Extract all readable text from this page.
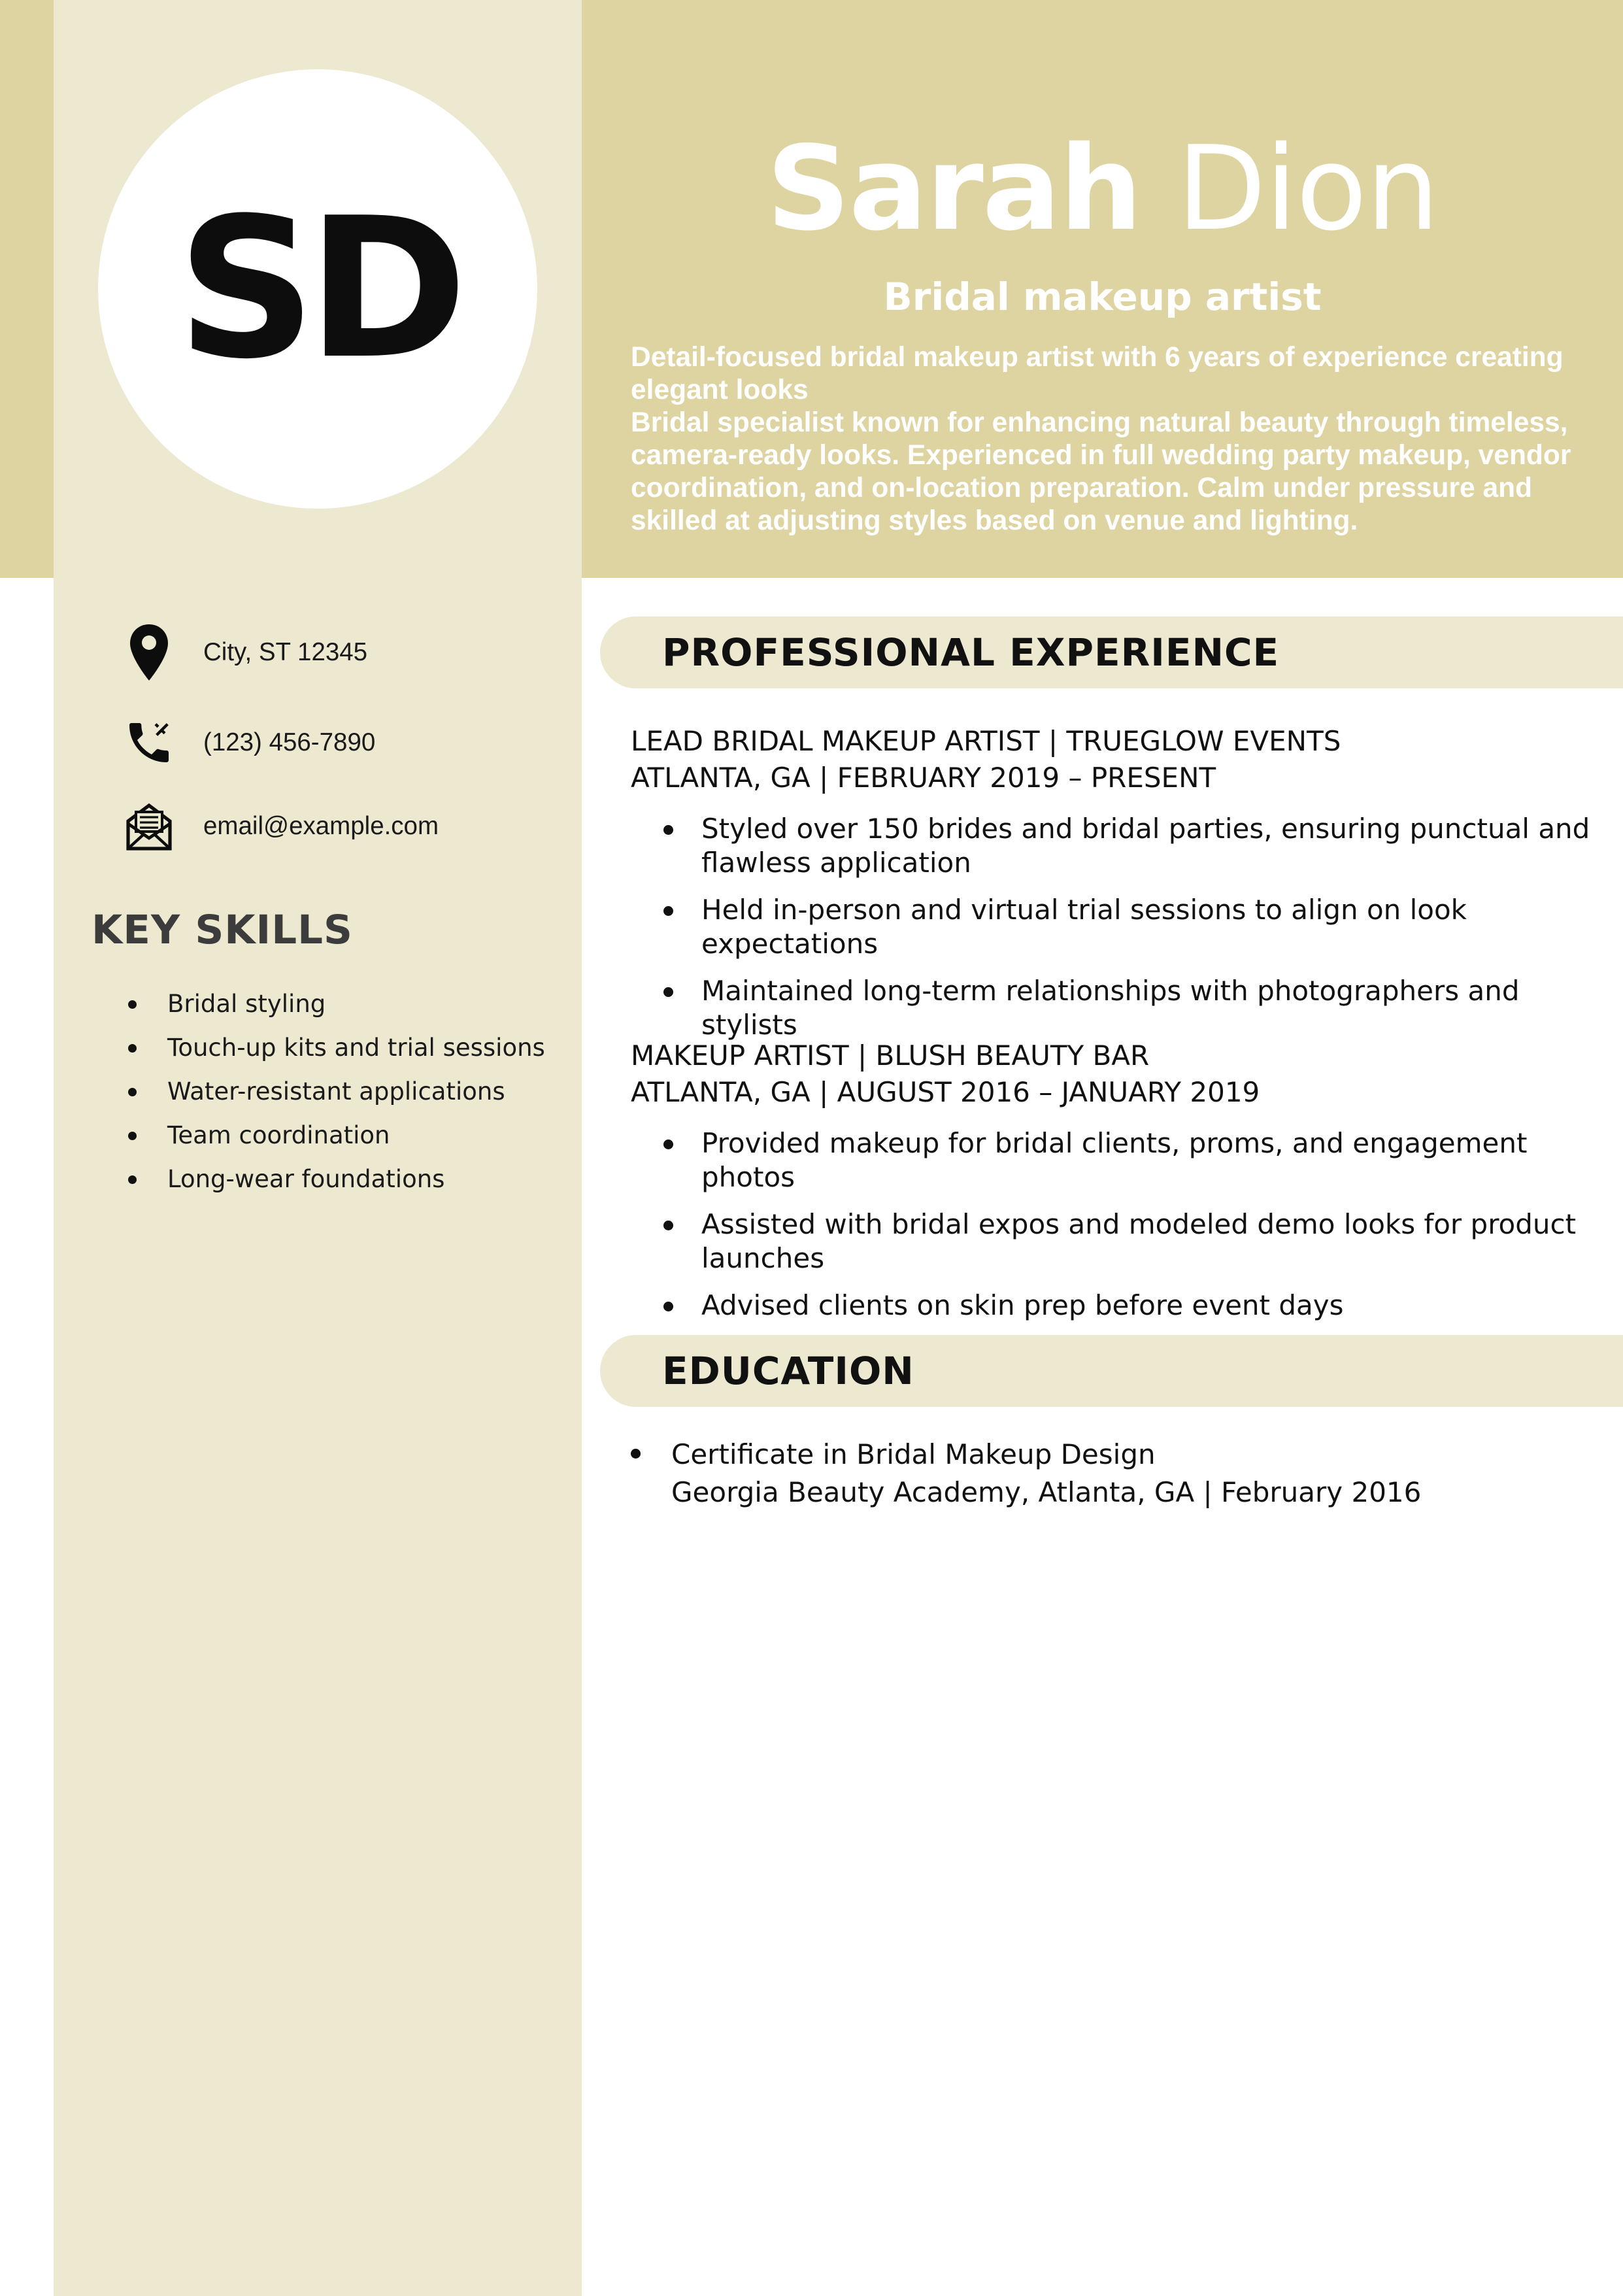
SD	Sarah Dion
Bridal makeup artist

Detail-focused bridal makeup artist with 6 years of experience creating elegant looks

Bridal specialist known for enhancing natural beauty through timeless, camera-ready looks. Experienced in full wedding party makeup, vendor coordination, and on-location preparation. Calm under pressure and skilled at adjusting styles based on venue and lighting.

City, ST 12345
(123) 456-7890
email@example.com
KEY SKILLS
Bridal styling
Touch-up kits and trial sessions
Water-resistant applications
Team coordination
Long-wear foundations
PROFESSIONAL EXPERIENCE
LEAD BRIDAL MAKEUP ARTIST | TRUEGLOW EVENTS
ATLANTA, GA | FEBRUARY 2019 – PRESENT
Styled over 150 brides and bridal parties, ensuring punctual and flawless application
Held in-person and virtual trial sessions to align on look expectations
Maintained long-term relationships with photographers and stylists
MAKEUP ARTIST | BLUSH BEAUTY BAR
ATLANTA, GA | AUGUST 2016 – JANUARY 2019
Provided makeup for bridal clients, proms, and engagement photos
Assisted with bridal expos and modeled demo looks for product launches
Advised clients on skin prep before event days
EDUCATION
Certificate in Bridal Makeup Design
Georgia Beauty Academy, Atlanta, GA | February 2016
